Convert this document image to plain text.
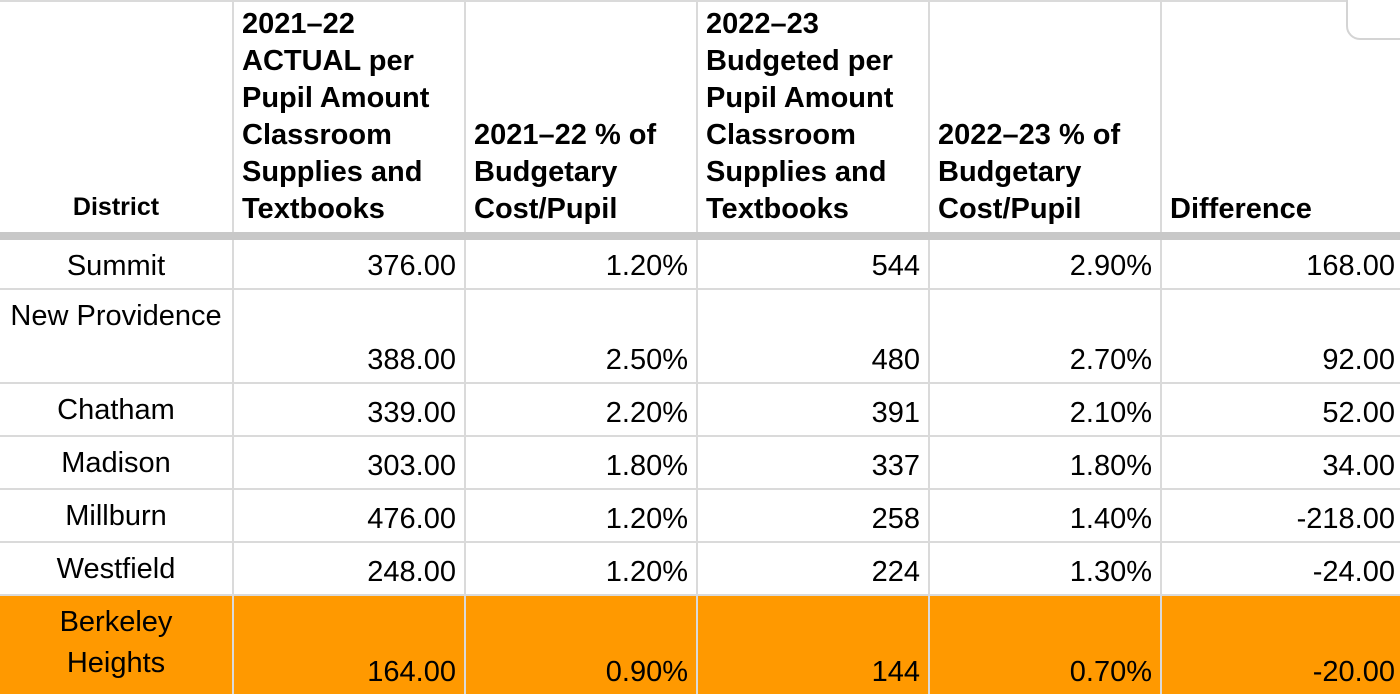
District	2021–22 ACTUAL per Pupil Amount Classroom Supplies and Textbooks	2021–22 % of Budgetary Cost/Pupil	2022–23 Budgeted per Pupil Amount Classroom Supplies and Textbooks	2022–23 % of Budgetary Cost/Pupil	Difference
Summit	376.00	1.20%	544	2.90%	168.00
New Providence	388.00	2.50%	480	2.70%	92.00
Chatham	339.00	2.20%	391	2.10%	52.00
Madison	303.00	1.80%	337	1.80%	34.00
Millburn	476.00	1.20%	258	1.40%	-218.00
Westfield	248.00	1.20%	224	1.30%	-24.00
Berkeley Heights	164.00	0.90%	144	0.70%	-20.00
